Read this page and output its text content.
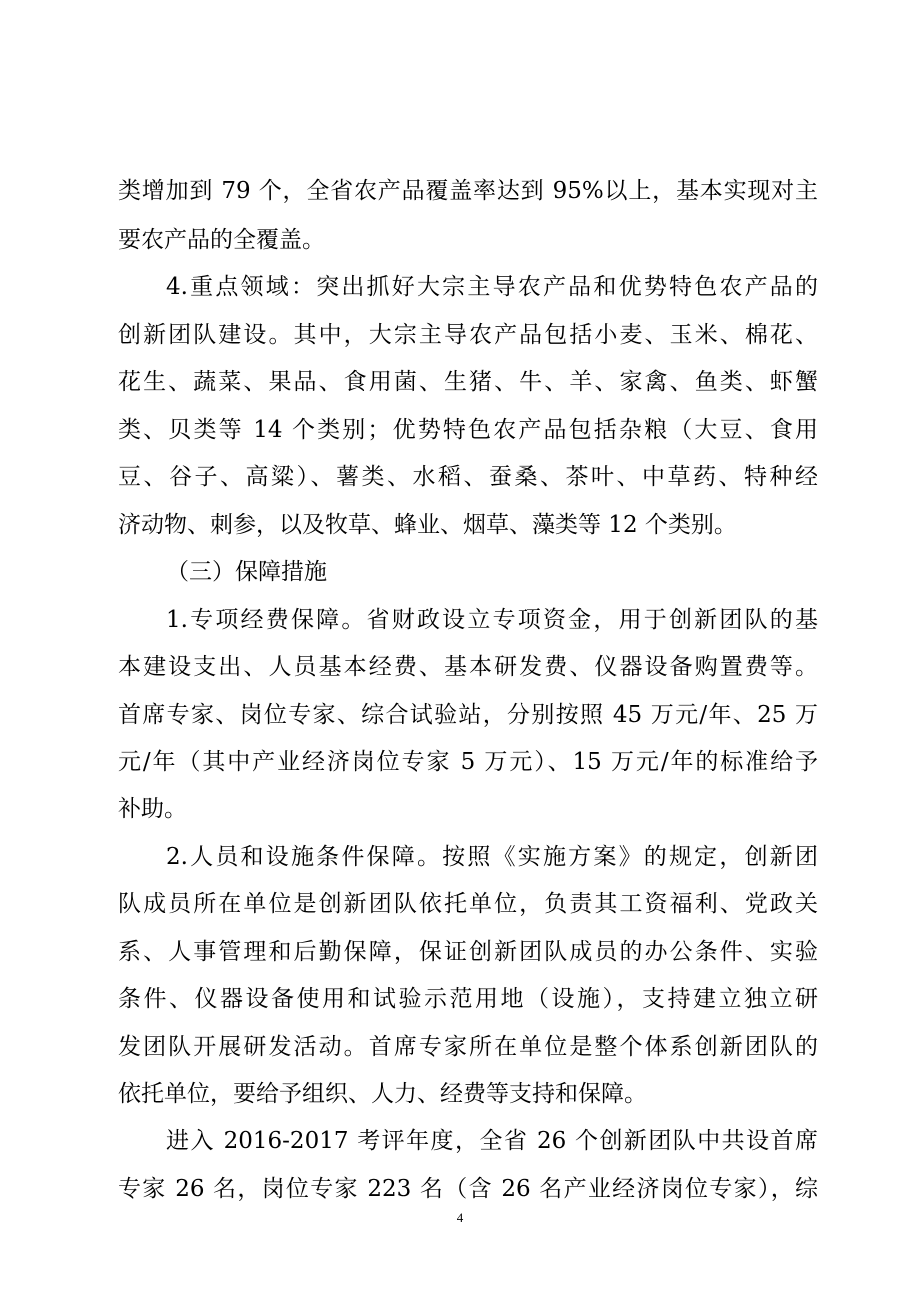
类增加到 79 个，全省农产品覆盖率达到 95%以上，基本实现对主
要农产品的全覆盖。
4.重点领域：突出抓好大宗主导农产品和优势特色农产品的
创新团队建设。其中，大宗主导农产品包括小麦、玉米、棉花、
花生、蔬菜、果品、食用菌、生猪、牛、羊、家禽、鱼类、虾蟹
类、贝类等 14 个类别；优势特色农产品包括杂粮（大豆、食用
豆、谷子、高粱）、薯类、水稻、蚕桑、茶叶、中草药、特种经
济动物、刺参，以及牧草、蜂业、烟草、藻类等 12 个类别。
（三）保障措施
1.专项经费保障。省财政设立专项资金，用于创新团队的基
本建设支出、人员基本经费、基本研发费、仪器设备购置费等。
首席专家、岗位专家、综合试验站，分别按照 45 万元/年、25 万
元/年（其中产业经济岗位专家 5 万元）、15 万元/年的标准给予
补助。
2.人员和设施条件保障。按照《实施方案》的规定，创新团
队成员所在单位是创新团队依托单位，负责其工资福利、党政关
系、人事管理和后勤保障，保证创新团队成员的办公条件、实验
条件、仪器设备使用和试验示范用地（设施），支持建立独立研
发团队开展研发活动。首席专家所在单位是整个体系创新团队的
依托单位，要给予组织、人力、经费等支持和保障。
进入 2016-2017 考评年度，全省 26 个创新团队中共设首席
专家 26 名，岗位专家 223 名（含 26 名产业经济岗位专家），综
4
